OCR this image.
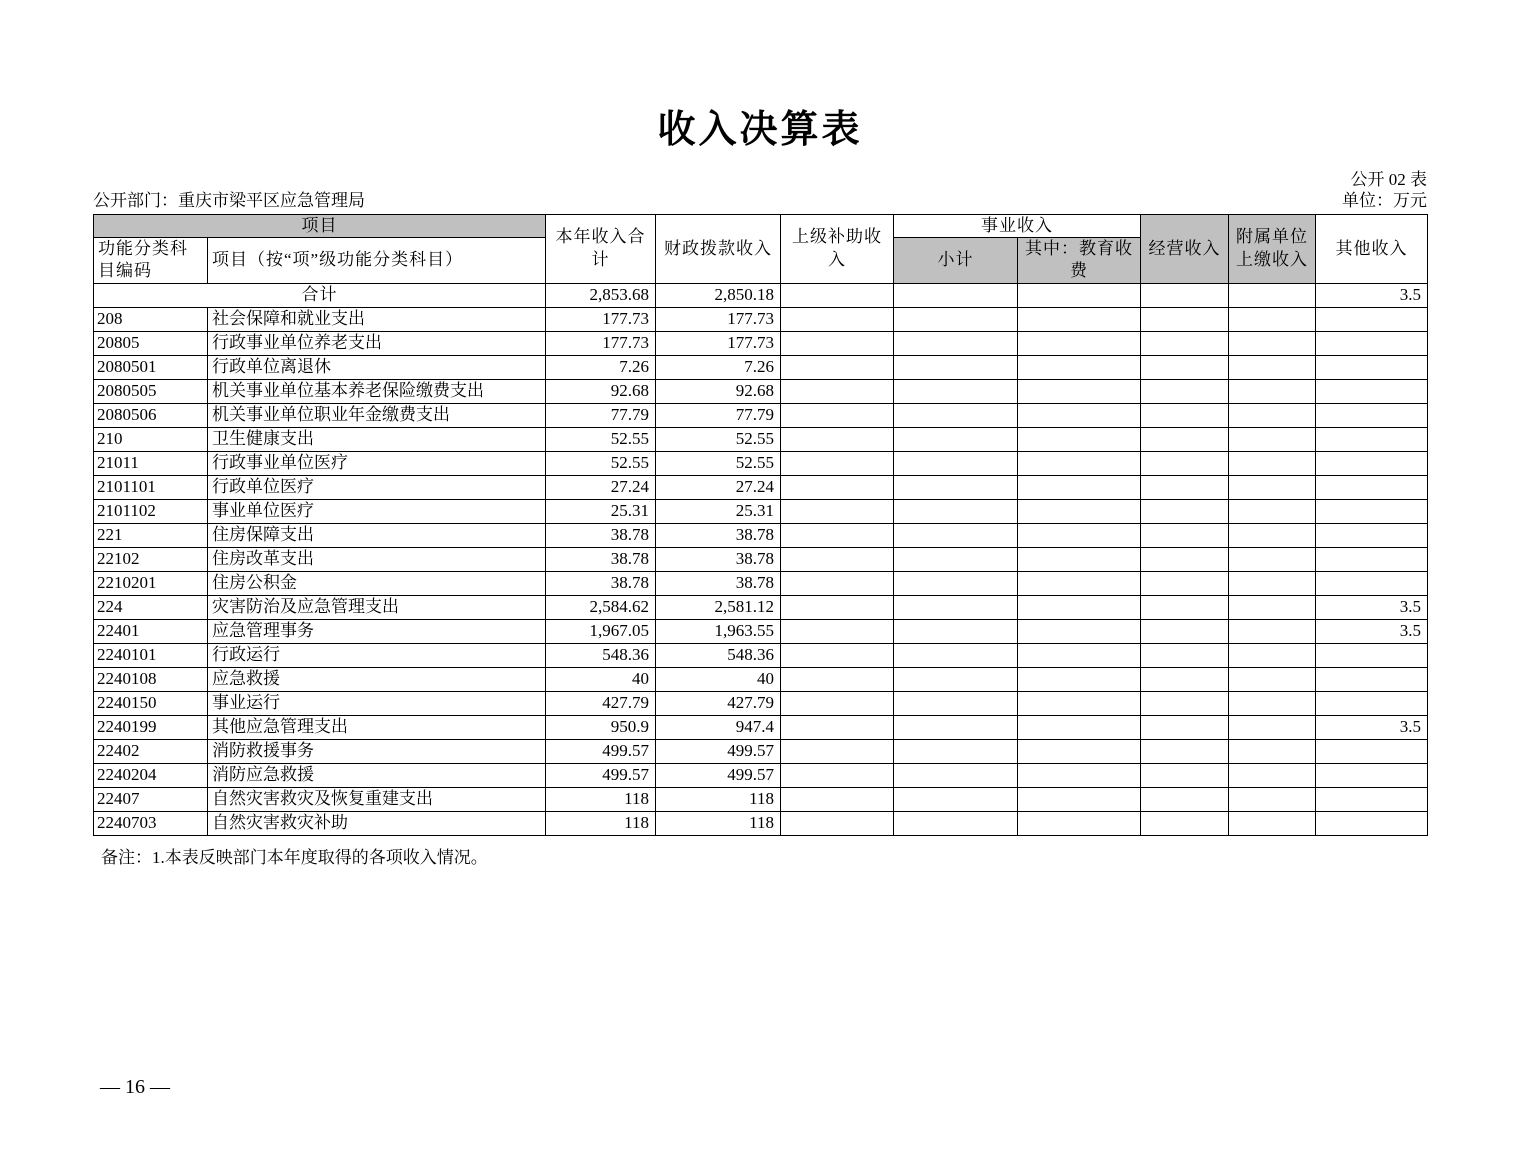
收入决算表
公开 02 表
公开部门：重庆市梁平区应急管理局	单位：万元
项目		本年收入合计	财政拨款收入	上级补助收入	事业收入		经营收入	附属单位上缴收入	其他收入
功能分类科目编码	项目（按“项”级功能分类科目）				小计	其中：教育收费			
合计		2,853.68	2,850.18						3.5
208	社会保障和就业支出	177.73	177.73						
20805	行政事业单位养老支出	177.73	177.73						
2080501	行政单位离退休	7.26	7.26						
2080505	机关事业单位基本养老保险缴费支出	92.68	92.68						
2080506	机关事业单位职业年金缴费支出	77.79	77.79						
210	卫生健康支出	52.55	52.55						
21011	行政事业单位医疗	52.55	52.55						
2101101	行政单位医疗	27.24	27.24						
2101102	事业单位医疗	25.31	25.31						
221	住房保障支出	38.78	38.78						
22102	住房改革支出	38.78	38.78						
2210201	住房公积金	38.78	38.78						
224	灾害防治及应急管理支出	2,584.62	2,581.12						3.5
22401	应急管理事务	1,967.05	1,963.55						3.5
2240101	行政运行	548.36	548.36						
2240108	应急救援	40	40						
2240150	事业运行	427.79	427.79						
2240199	其他应急管理支出	950.9	947.4						3.5
22402	消防救援事务	499.57	499.57						
2240204	消防应急救援	499.57	499.57						
22407	自然灾害救灾及恢复重建支出	118	118						
2240703	自然灾害救灾补助	118	118						
备注：1.本表反映部门本年度取得的各项收入情况。
— 16 —
